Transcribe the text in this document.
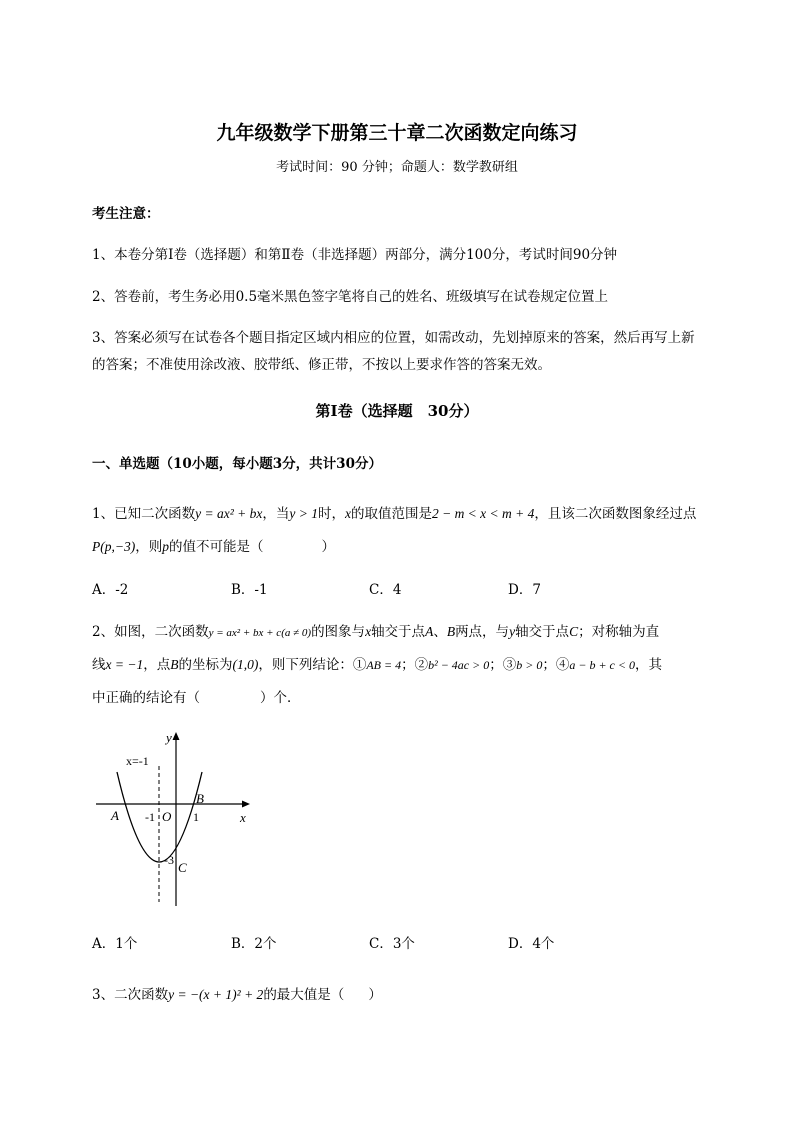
九年级数学下册第三十章二次函数定向练习
考试时间：90 分钟；命题人：数学教研组
考生注意：
1、本卷分第Ⅰ卷（选择题）和第Ⅱ卷（非选择题）两部分，满分100分，考试时间90分钟
2、答卷前，考生务必用0.5毫米黑色签字笔将自己的姓名、班级填写在试卷规定位置上
3、答案必须写在试卷各个题目指定区域内相应的位置，如需改动，先划掉原来的答案，然后再写上新
的答案；不准使用涂改液、胶带纸、修正带，不按以上要求作答的答案无效。
第Ⅰ卷（选择题　30分）
一、单选题（10小题，每小题3分，共计30分）
1、已知二次函数y = ax² + bx，当y > 1时，x的取值范围是2 − m < x < m + 4，且该二次函数图象经过点
P(p,−3)，则p的值不可能是（	）
A．-2	B．-1	C．4	D．7
2、如图，二次函数y = ax² + bx + c(a ≠ 0)的图象与x轴交于点A、B两点，与y轴交于点C；对称轴为直
线x = −1，点B的坐标为(1,0)，则下列结论：①AB = 4；②b² − 4ac > 0；③b > 0；④a − b + c < 0，其
中正确的结论有（	）个．
x=-1
y
x
A
B
C
O
-1	1
-3
A．1个	B．2个	C．3个	D．4个
3、二次函数y = −(x + 1)² + 2的最大值是（ ）
